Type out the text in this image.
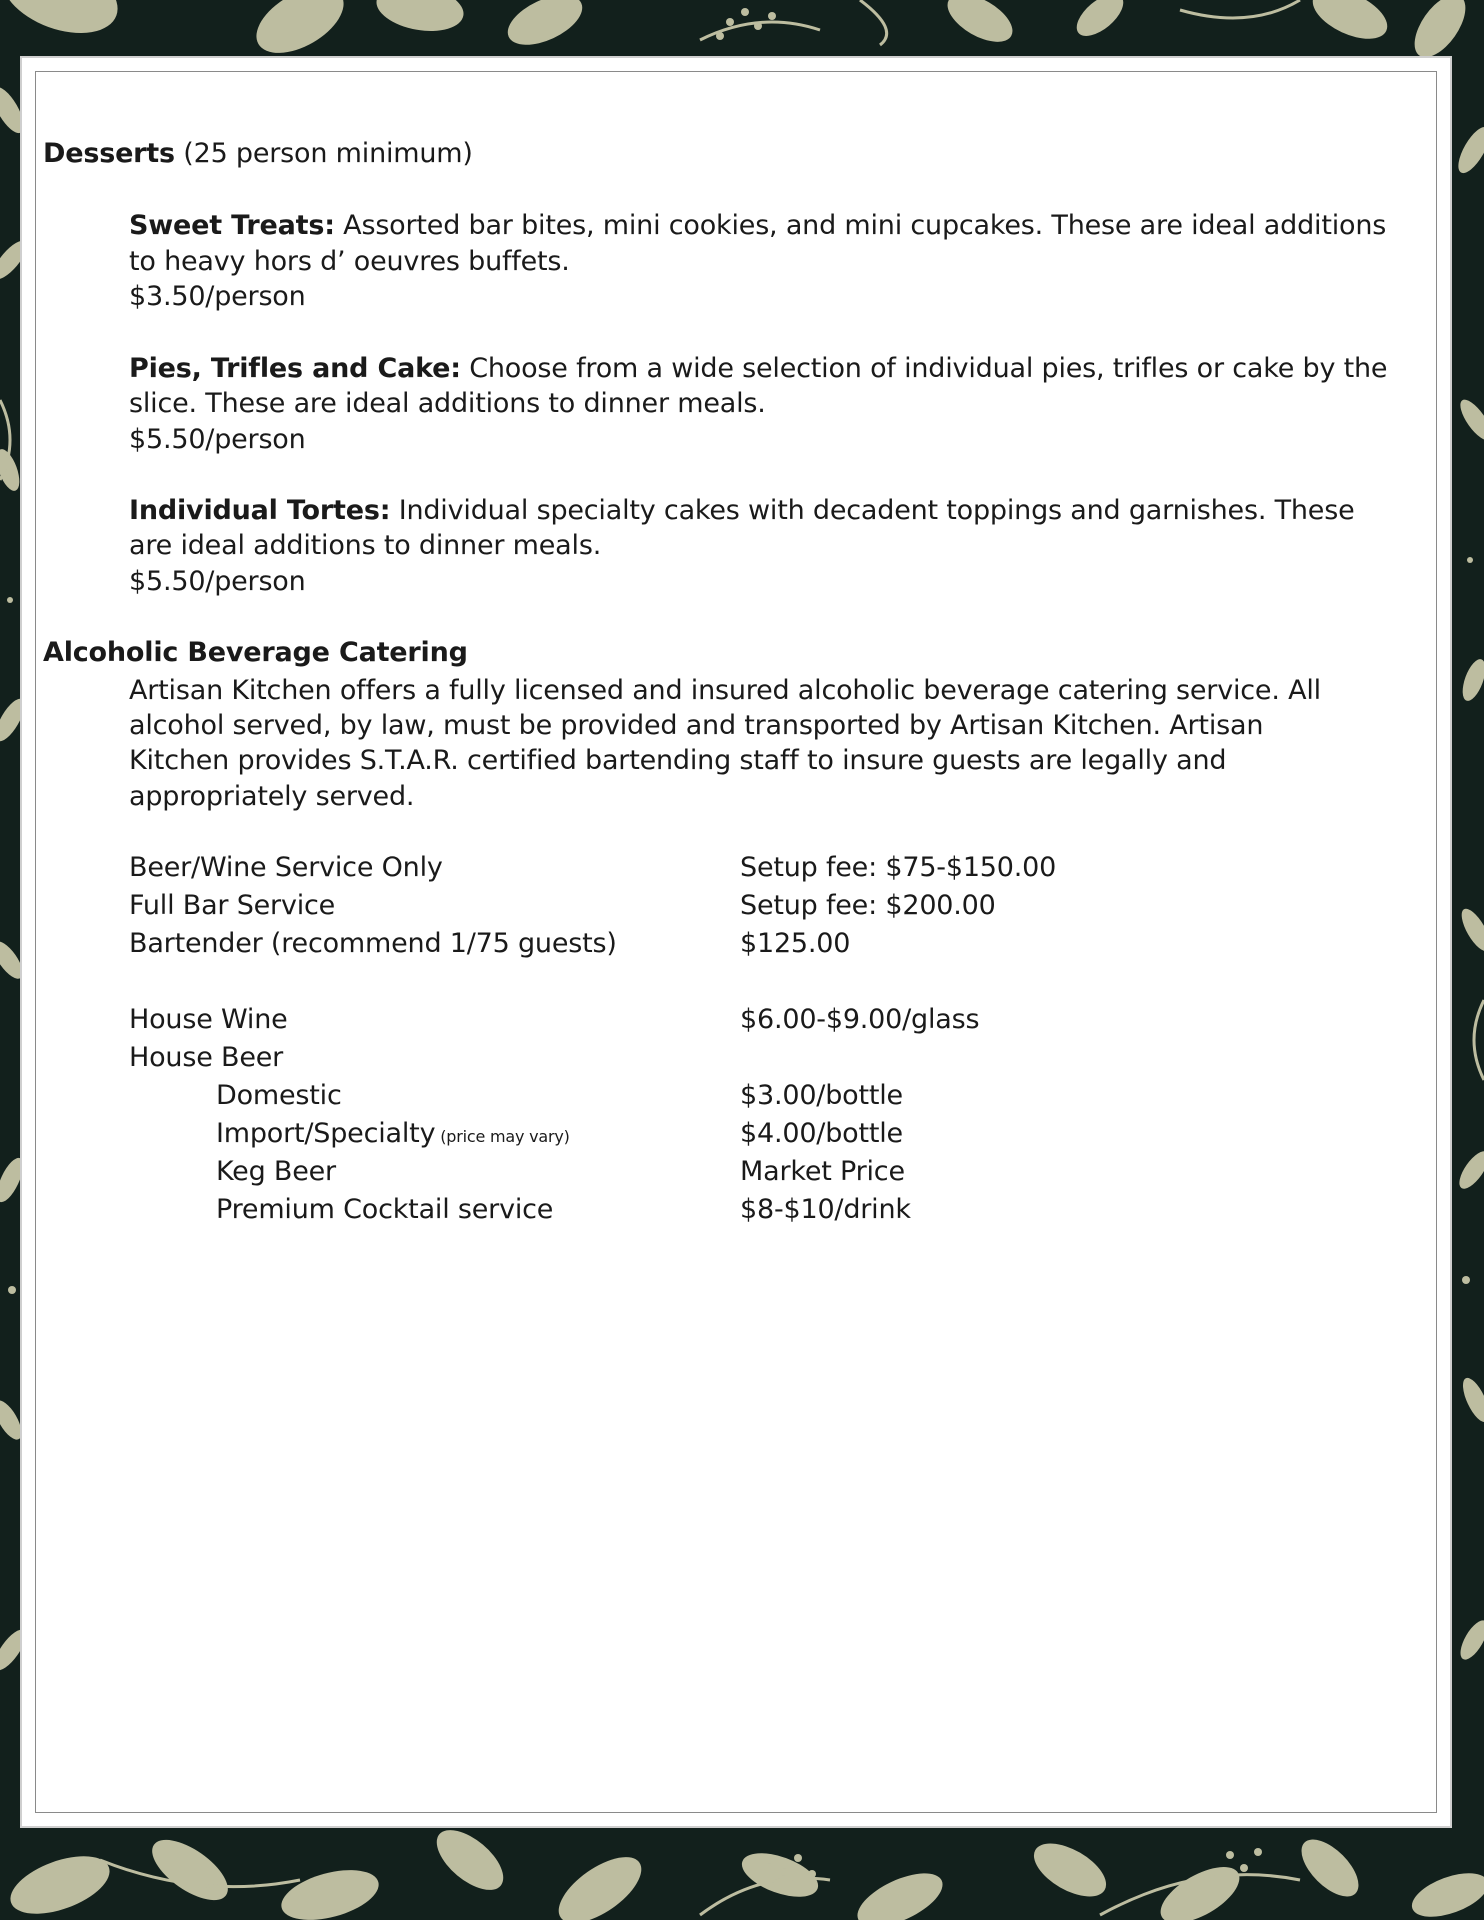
Desserts (25 person minimum)
Sweet Treats: Assorted bar bites, mini cookies, and mini cupcakes. These are ideal additions
to heavy hors d’ oeuvres buffets.
$3.50/person
Pies, Trifles and Cake: Choose from a wide selection of individual pies, trifles or cake by the
slice. These are ideal additions to dinner meals.
$5.50/person
Individual Tortes: Individual specialty cakes with decadent toppings and garnishes. These
are ideal additions to dinner meals.
$5.50/person
Alcoholic Beverage Catering
Artisan Kitchen offers a fully licensed and insured alcoholic beverage catering service. All
alcohol served, by law, must be provided and transported by Artisan Kitchen. Artisan
Kitchen provides S.T.A.R. certified bartending staff to insure guests are legally and
appropriately served.
Beer/Wine Service Only	Setup fee: $75-$150.00
Full Bar Service	Setup fee: $200.00
Bartender (recommend 1/75 guests)	$125.00
House Wine	$6.00-$9.00/glass
House Beer
Domestic	$3.00/bottle
Import/Specialty (price may vary)	$4.00/bottle
Keg Beer	Market Price
Premium Cocktail service	$8-$10/drink
